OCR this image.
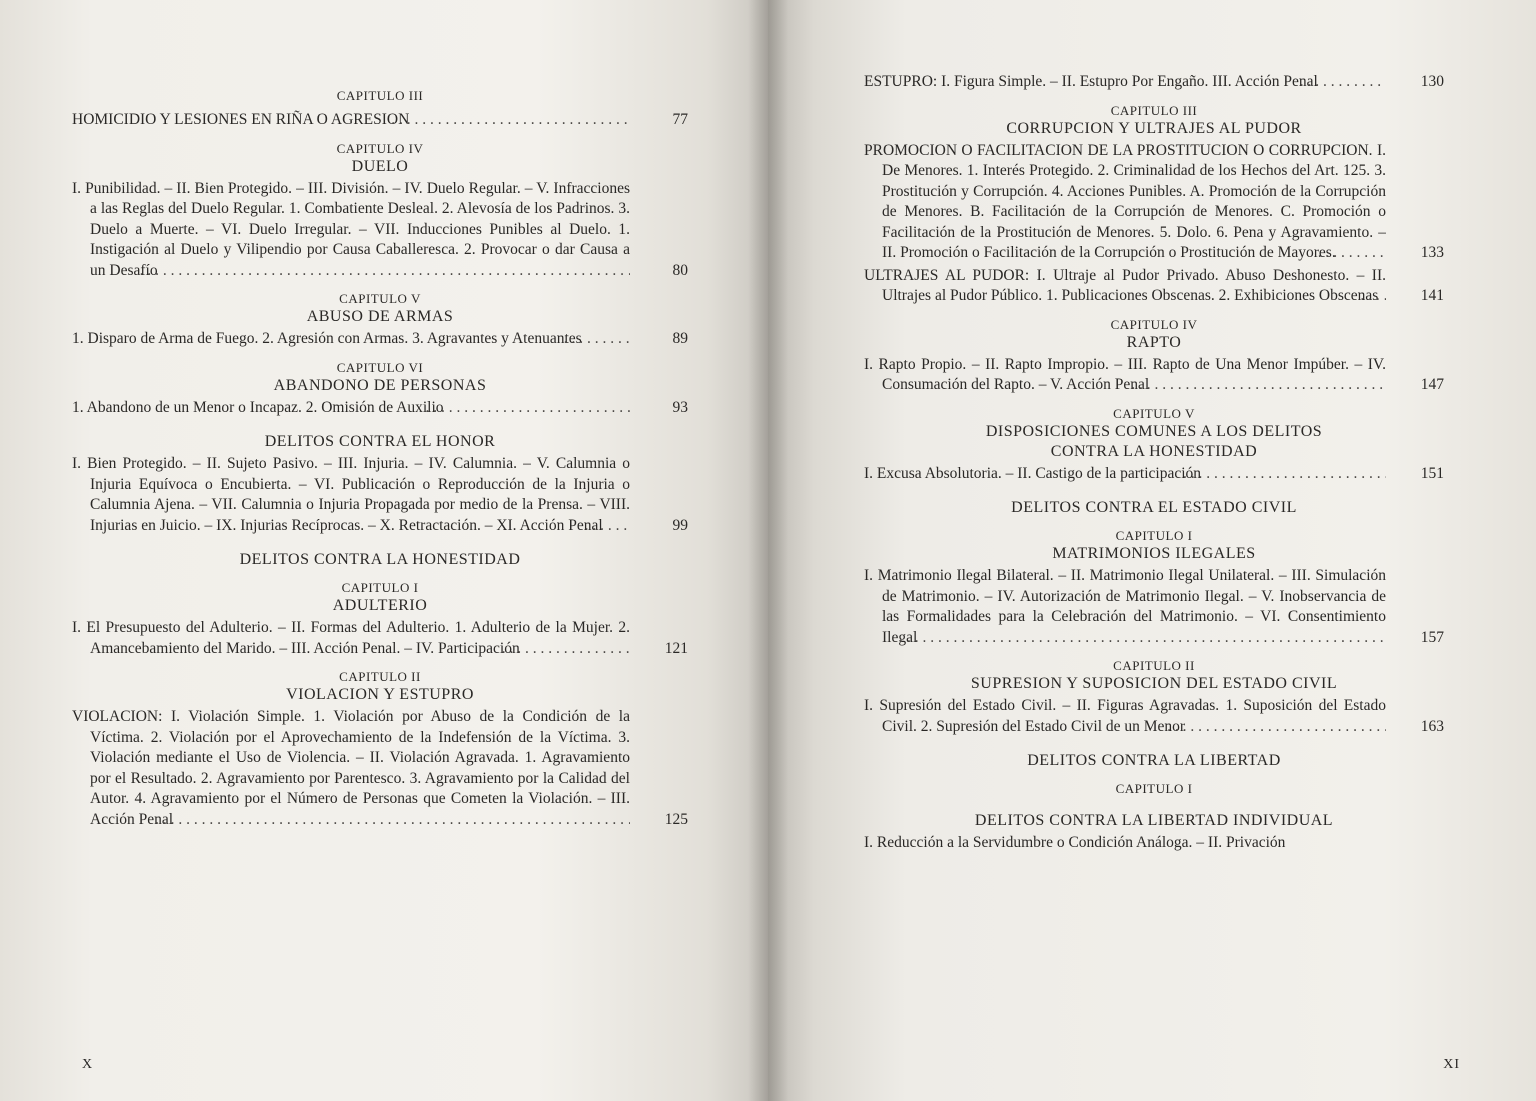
CAPITULO III
HOMICIDIO Y LESIONES EN RIÑA O AGRESION . . .	77
CAPITULO IV
DUELO
I. Punibilidad. – II. Bien Protegido. – III. División. – IV. Duelo Regular. – V. Infracciones a las Reglas del Duelo Regular. 1. Combatiente Desleal. 2. Alevosía de los Padrinos. 3. Duelo a Muerte. – VI. Duelo Irregular. – VII. Inducciones Punibles al Duelo. 1. Instigación al Duelo y Vilipendio por Causa Caballeresca. 2. Provocar o dar Causa a un Desafío . . .	80
CAPITULO V
ABUSO DE ARMAS
1. Disparo de Arma de Fuego. 2. Agresión con Armas. 3. Agravantes y Atenuantes . . .	89
CAPITULO VI
ABANDONO DE PERSONAS
1. Abandono de un Menor o Incapaz. 2. Omisión de Auxilio . . .	93
DELITOS CONTRA EL HONOR
I. Bien Protegido. – II. Sujeto Pasivo. – III. Injuria. – IV. Calumnia. – V. Calumnia o Injuria Equívoca o Encubierta. – VI. Publicación o Reproducción de la Injuria o Calumnia Ajena. – VII. Calumnia o Injuria Propagada por medio de la Prensa. – VIII. Injurias en Juicio. – IX. Injurias Recíprocas. – X. Retractación. – XI. Acción Penal . . .	99
DELITOS CONTRA LA HONESTIDAD
CAPITULO I
ADULTERIO
I. El Presupuesto del Adulterio. – II. Formas del Adulterio. 1. Adulterio de la Mujer. 2. Amancebamiento del Marido. – III. Acción Penal. – IV. Participación . . .	121
CAPITULO II
VIOLACION Y ESTUPRO
VIOLACION: I. Violación Simple. 1. Violación por Abuso de la Condición de la Víctima. 2. Violación por el Aprovechamiento de la Indefensión de la Víctima. 3. Violación mediante el Uso de Violencia. – II. Violación Agravada. 1. Agravamiento por el Resultado. 2. Agravamiento por Parentesco. 3. Agravamiento por la Calidad del Autor. 4. Agravamiento por el Número de Personas que Cometen la Violación. – III. Acción Penal . . .	125
X
ESTUPRO: I. Figura Simple. – II. Estupro Por Engaño. III. Acción Penal . . .	130
CAPITULO III
CORRUPCION Y ULTRAJES AL PUDOR
PROMOCION O FACILITACION DE LA PROSTITUCION O CORRUPCION. I. De Menores. 1. Interés Protegido. 2. Criminalidad de los Hechos del Art. 125. 3. Prostitución y Corrupción. 4. Acciones Punibles. A. Promoción de la Corrupción de Menores. B. Facilitación de la Corrupción de Menores. C. Promoción o Facilitación de la Prostitución de Menores. 5. Dolo. 6. Pena y Agravamiento. – II. Promoción o Facilitación de la Corrupción o Prostitución de Mayores. . . .	133
ULTRAJES AL PUDOR: I. Ultraje al Pudor Privado. Abuso Deshonesto. – II. Ultrajes al Pudor Público. 1. Publicaciones Obscenas. 2. Exhibiciones Obscenas . . .	141
CAPITULO IV
RAPTO
I. Rapto Propio. – II. Rapto Impropio. – III. Rapto de Una Menor Impúber. – IV. Consumación del Rapto. – V. Acción Penal . . .	147
CAPITULO V
DISPOSICIONES COMUNES A LOS DELITOS
CONTRA LA HONESTIDAD
I. Excusa Absolutoria. – II. Castigo de la participación . . .	151
DELITOS CONTRA EL ESTADO CIVIL
CAPITULO I
MATRIMONIOS ILEGALES
I. Matrimonio Ilegal Bilateral. – II. Matrimonio Ilegal Unilateral. – III. Simulación de Matrimonio. – IV. Autorización de Matrimonio Ilegal. – V. Inobservancia de las Formalidades para la Celebración del Matrimonio. – VI. Consentimiento Ilegal . . .	157
CAPITULO II
SUPRESION Y SUPOSICION DEL ESTADO CIVIL
I. Supresión del Estado Civil. – II. Figuras Agravadas. 1. Suposición del Estado Civil. 2. Supresión del Estado Civil de un Menor . . .	163
DELITOS CONTRA LA LIBERTAD
CAPITULO I
DELITOS CONTRA LA LIBERTAD INDIVIDUAL
I. Reducción a la Servidumbre o Condición Análoga. – II. Privación
XI
